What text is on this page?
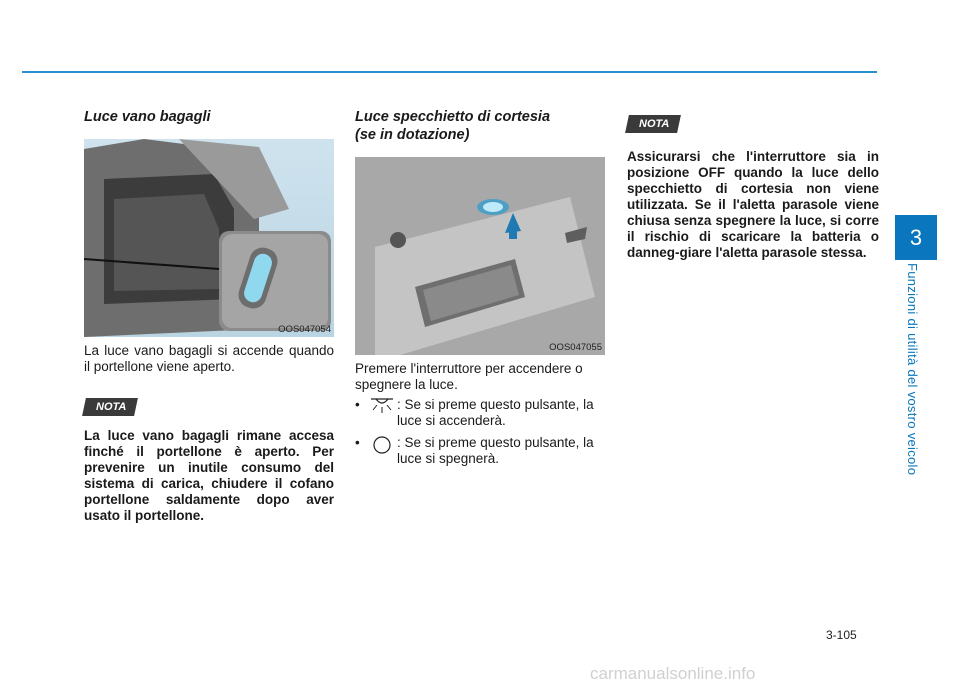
3
Funzioni di utilità del vostro veicolo
Luce vano bagagli
OOS047054

La luce vano bagagli si accende quando il portellone viene aperto.

NOTA

La luce vano bagagli rimane accesa finché il portellone è aperto. Per prevenire un inutile consumo del sistema di carica, chiudere il cofano portellone saldamente dopo aver usato il portellone.

Luce specchietto di cortesia
(se in dotazione)
OOS047055

Premere l'interruttore per accendere o spegnere la luce.

•	: Se si preme questo pulsante, la luce si accenderà.
•	: Se si preme questo pulsante, la luce si spegnerà.
NOTA

Assicurarsi che l'interruttore sia in posizione OFF quando la luce dello specchietto di cortesia non viene utilizzata. Se il l'aletta parasole viene chiusa senza spegnere la luce, si corre il rischio di scaricare la batteria o danneg-giare l'aletta parasole stessa.

3-105
carmanualsonline.info
